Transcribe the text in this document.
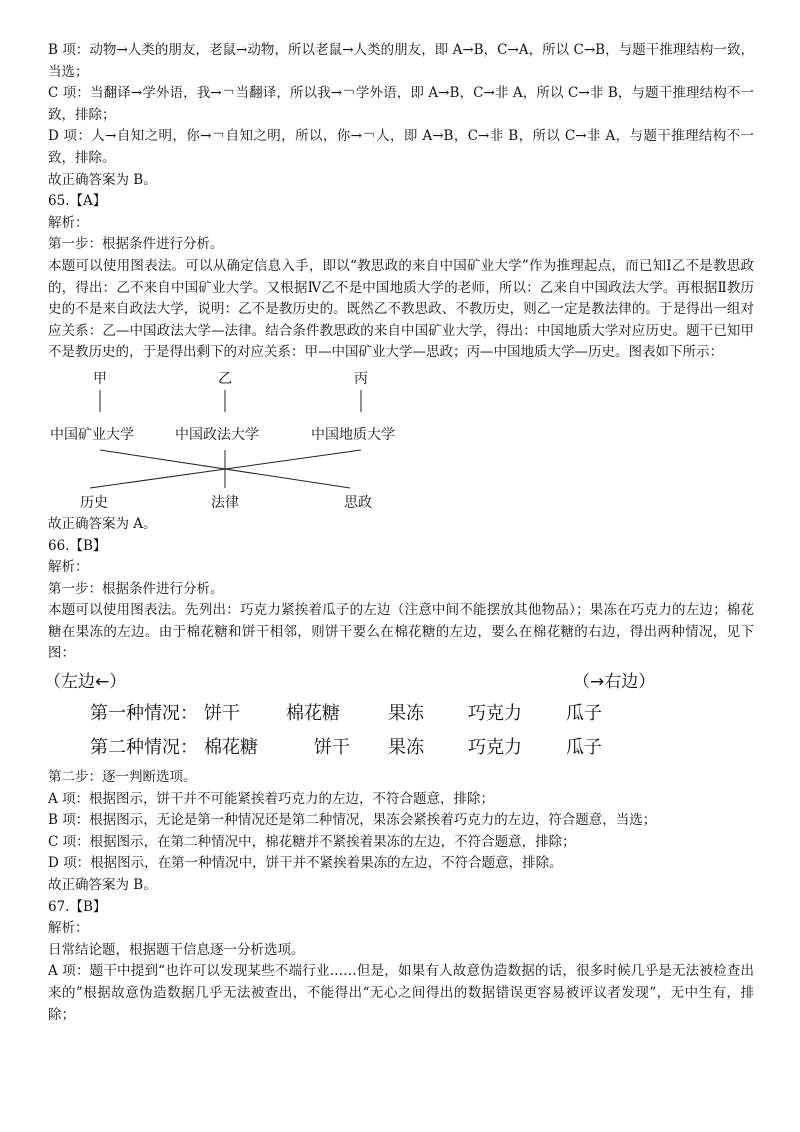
B 项：动物→人类的朋友，老鼠→动物，所以老鼠→人类的朋友，即 A→B，C→A，所以 C→B，与题干推理结构一致，当选；

C 项：当翻译→学外语，我→￢当翻译，所以我→￢学外语，即 A→B，C→非 A，所以 C→非 B，与题干推理结构不一致，排除；

D 项：人→自知之明，你→￢自知之明，所以，你→￢人，即 A→B，C→非 B，所以 C→非 A，与题干推理结构不一致，排除。

故正确答案为 B。

65.【A】

解析：

第一步：根据条件进行分析。

本题可以使用图表法。可以从确定信息入手，即以“教思政的来自中国矿业大学”作为推理起点，而已知Ⅰ乙不是教思政的，得出：乙不来自中国矿业大学。又根据Ⅳ乙不是中国地质大学的老师，所以：乙来自中国政法大学。再根据Ⅱ教历史的不是来自政法大学，说明：乙不是教历史的。既然乙不教思政、不教历史，则乙一定是教法律的。于是得出一组对应关系：乙—中国政法大学—法律。结合条件教思政的来自中国矿业大学，得出：中国地质大学对应历史。题干已知甲不是教历史的，于是得出剩下的对应关系：甲—中国矿业大学—思政；丙—中国地质大学—历史。图表如下所示：

甲	乙	丙
中国矿业大学	中国政法大学	中国地质大学
历史	法律	思政

故正确答案为 A。

66.【B】

解析：

第一步：根据条件进行分析。

本题可以使用图表法。先列出：巧克力紧挨着瓜子的左边（注意中间不能摆放其他物品）；果冻在巧克力的左边；棉花糖在果冻的左边。由于棉花糖和饼干相邻，则饼干要么在棉花糖的左边，要么在棉花糖的右边，得出两种情况，见下图：

（左边←）	（→右边）
第一种情况： 饼干	棉花糖	果冻 巧克力 瓜子
第二种情况： 棉花糖	饼干 果冻 巧克力 瓜子

第二步：逐一判断选项。

A 项：根据图示，饼干并不可能紧挨着巧克力的左边，不符合题意，排除；

B 项：根据图示，无论是第一种情况还是第二种情况，果冻会紧挨着巧克力的左边，符合题意，当选；

C 项：根据图示，在第二种情况中，棉花糖并不紧挨着果冻的左边，不符合题意，排除；

D 项：根据图示，在第一种情况中，饼干并不紧挨着果冻的左边，不符合题意，排除。

故正确答案为 B。

67.【B】

解析：

日常结论题，根据题干信息逐一分析选项。

A 项：题干中提到“也许可以发现某些不端行业……但是，如果有人故意伪造数据的话，很多时候几乎是无法被检查出来的”根据故意伪造数据几乎无法被查出，不能得出“无心之间得出的数据错误更容易被评议者发现”，无中生有，排除；
